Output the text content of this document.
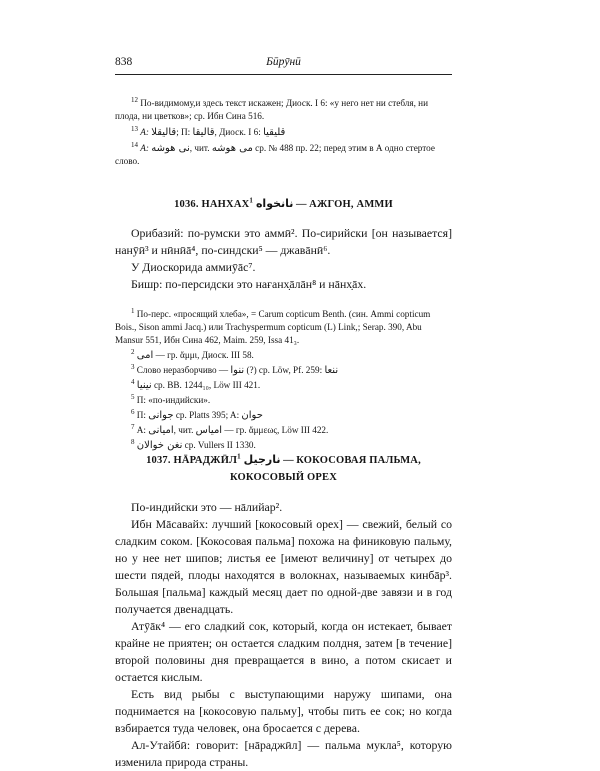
838	Бӣрӯнӣ

$^{12}$ По-видимому,и здесь текст искажен; Диоск. I 6: «у него нет ни стебля, ни плода, ни цветков»; ср. Ибн Сина 516.

$^{13}$ А: قاليقلا; П: قاليقا, Диоск. I 6: قليقيا

$^{14}$ А: نى هوشه, чит. مى هوشه ср. № 488 пр. 22; перед этим в А одно стертое слово.

1036. НАНХАХ$^1$ نانخواه — АЖГОН, АММИ

Орибазий: по-румски это аммӣ². По-сирийски [он называется] нанӯӣ³ и нӣнӣā⁴, по-синдски⁵ — джавāнӣ⁶.

У Диоскорида аммиӯāс⁷.

Бишр: по-персидски это нағанх̣āлāн⁸ и нāнх̣āх.

$^1$ По-перс. «просящий хлеба», = Carum copticum Benth. (син. Ammi copticum Bois., Sison ammi Jacq.) или Trachyspermum copticum (L) Link,; Serap. 390, Abu Mansur 551, Ибн Сина 462, Maim. 259, Issa 41₃.

$^2$ امى — гр. ἄμμι, Диоск. III 58.

$^3$ Слово неразборчиво — ننوا (?) ср. Löw, Pf. 259: ننعا

$^4$ نينيا ср. ВВ. 1244₁₀, Löw III 421.

$^5$ П: «по-индийски».

$^6$ П: جوانى ср. Platts 395; A: حوان

$^7$ А: امیانی, чит. امياس — гр. ἄμμεως, Löw III 422.

$^8$ نغن خوالان ср. Vullers II 1330.

1037. НĀРАДЖӢЛ$^1$ نارجيل — КОКОСОВАЯ ПАЛЬМА,
КОКОСОВЫЙ ОРЕХ

По-индийски это — нāлийар².

Ибн Мāсавайх: лучший [кокосовый орех] — свежий, белый со сладким соком. [Кокосовая пальма] похожа на финиковую пальму, но у нее нет шипов; листья ее [имеют величину] от четырех до шести пядей, плоды находятся в волокнах, называемых кинбāр³. Большая [пальма] каждый месяц дает по одной-две завязи и в год получается двенадцать.

Атӯāк⁴ — его сладкий сок, который, когда он истекает, бывает крайне не приятен; он остается сладким полдня, затем [в течение] второй половины дня превращается в вино, а потом скисает и остается кислым.

Есть вид рыбы с выступающими наружу шипами, она поднимается на [кокосовую пальму], чтобы пить ее сок; но когда взбирается туда человек, она бросается с дерева.

Ал-Утайбӣ: говорит: [нāраджӣл] — пальма мукла⁵, которую изменила природа страны.
